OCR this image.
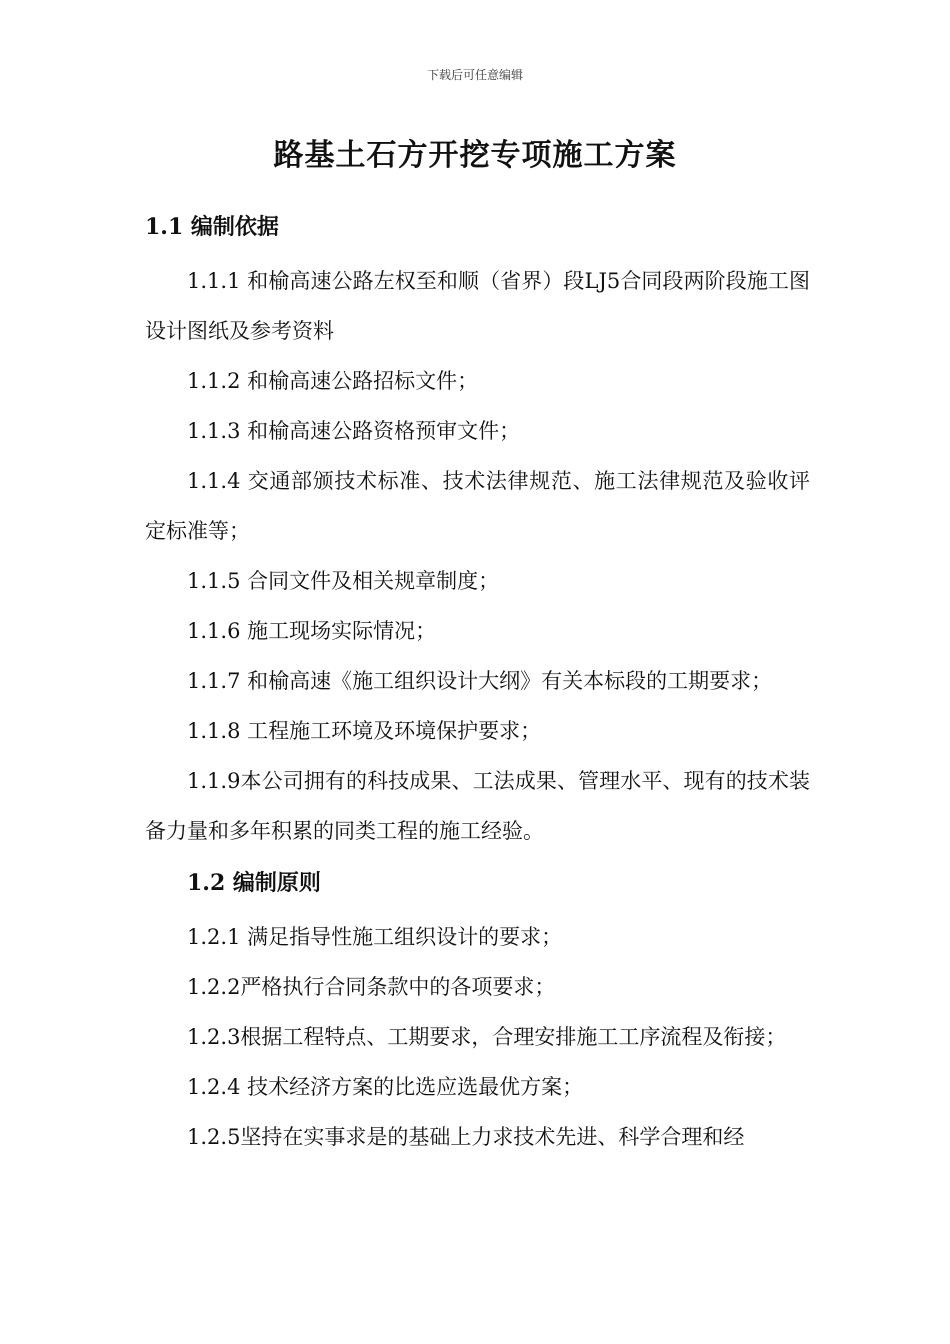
下载后可任意编辑
路基土石方开挖专项施工方案

1.1 编制依据

1.1.1 和榆高速公路左权至和顺（省界）段LJ5合同段两阶段施工图设计图纸及参考资料

1.1.2 和榆高速公路招标文件；

1.1.3 和榆高速公路资格预审文件；

1.1.4 交通部颁技术标准、技术法律规范、施工法律规范及验收评定标准等；

1.1.5 合同文件及相关规章制度；

1.1.6 施工现场实际情况；

1.1.7 和榆高速《施工组织设计大纲》有关本标段的工期要求；

1.1.8 工程施工环境及环境保护要求；

1.1.9本公司拥有的科技成果、工法成果、管理水平、现有的技术装备力量和多年积累的同类工程的施工经验。

1.2 编制原则

1.2.1 满足指导性施工组织设计的要求；

1.2.2严格执行合同条款中的各项要求；

1.2.3根据工程特点、工期要求，合理安排施工工序流程及衔接；

1.2.4 技术经济方案的比选应选最优方案；

1.2.5坚持在实事求是的基础上力求技术先进、科学合理和经
